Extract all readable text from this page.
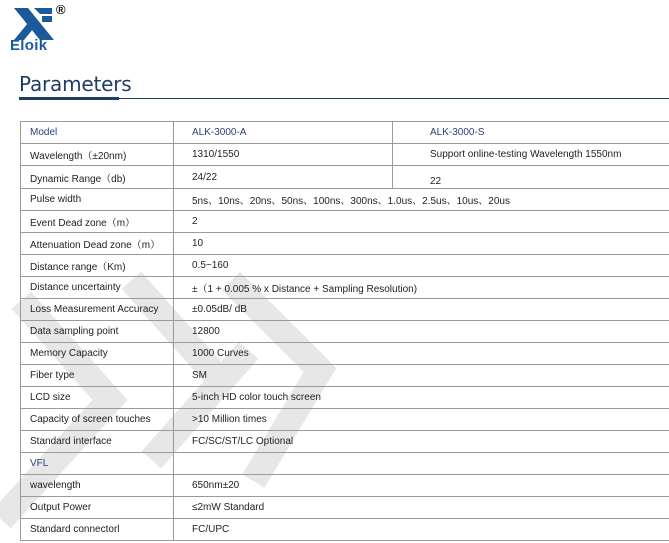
®
Eloik
Parameters
Model	ALK-3000-A	ALK-3000-S
Wavelength（±20nm)	1310/1550	Support online-testing Wavelength 1550nm
Dynamic Range（db)	24/22	22
Pulse width	5ns、10ns、20ns、50ns、100ns、300ns、1.0us、2.5us、10us、20us	
Event Dead zone（m）	2	
Attenuation Dead zone（m）	10	
Distance range（Km)	0.5~160	
Distance uncertainty	±（1 + 0.005 % x Distance + Sampling Resolution)	
Loss Measurement Accuracy	±0.05dB/ dB	
Data sampling point	12800	
Memory Capacity	1000 Curves	
Fiber type	SM	
LCD size	5-inch HD color touch screen	
Capacity of screen touches	>10 Million times	
Standard interface	FC/SC/ST/LC Optional	
VFL		
wavelength	650nm±20	
Output Power	≤2mW Standard	
Standard connectorl	FC/UPC	
